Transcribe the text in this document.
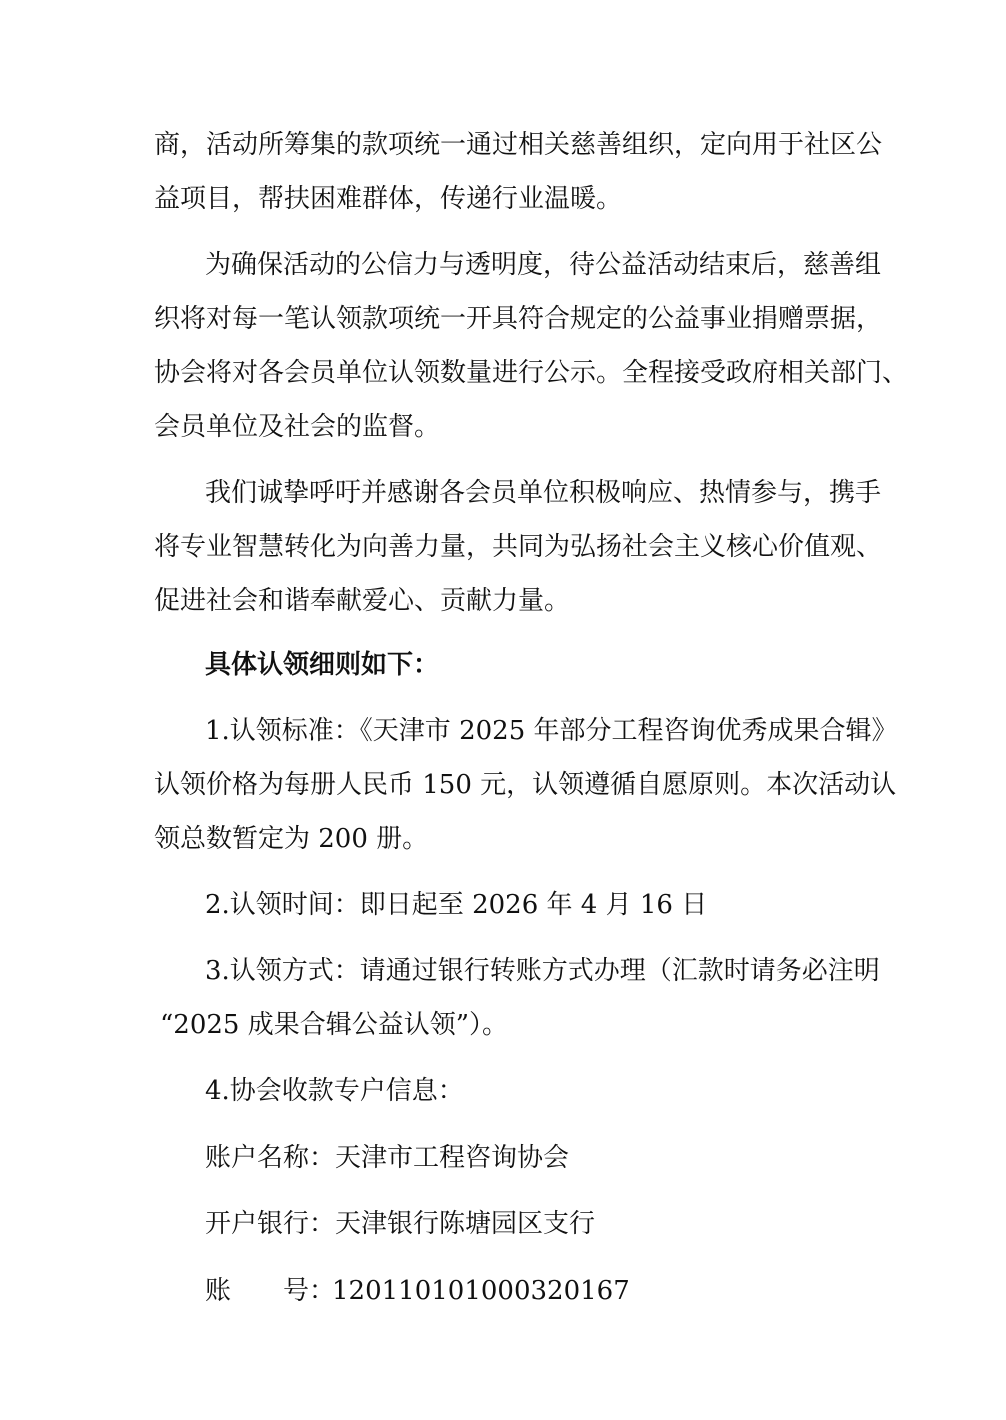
商，活动所筹集的款项统一通过相关慈善组织，定向用于社区公
益项目，帮扶困难群体，传递行业温暖。
为确保活动的公信力与透明度，待公益活动结束后，慈善组
织将对每一笔认领款项统一开具符合规定的公益事业捐赠票据，
协会将对各会员单位认领数量进行公示。全程接受政府相关部门、
会员单位及社会的监督。
我们诚挚呼吁并感谢各会员单位积极响应、热情参与，携手
将专业智慧转化为向善力量，共同为弘扬社会主义核心价值观、
促进社会和谐奉献爱心、贡献力量。
具体认领细则如下：
1.认领标准：《天津市 2025 年部分工程咨询优秀成果合辑》
认领价格为每册人民币 150 元，认领遵循自愿原则。本次活动认
领总数暂定为 200 册。
2.认领时间：即日起至 2026 年 4 月 16 日
3.认领方式：请通过银行转账方式办理（汇款时请务必注明
“2025 成果合辑公益认领”）。
4.协会收款专户信息：
账户名称：天津市工程咨询协会
开户银行：天津银行陈塘园区支行
账 号：
120110101000320167
